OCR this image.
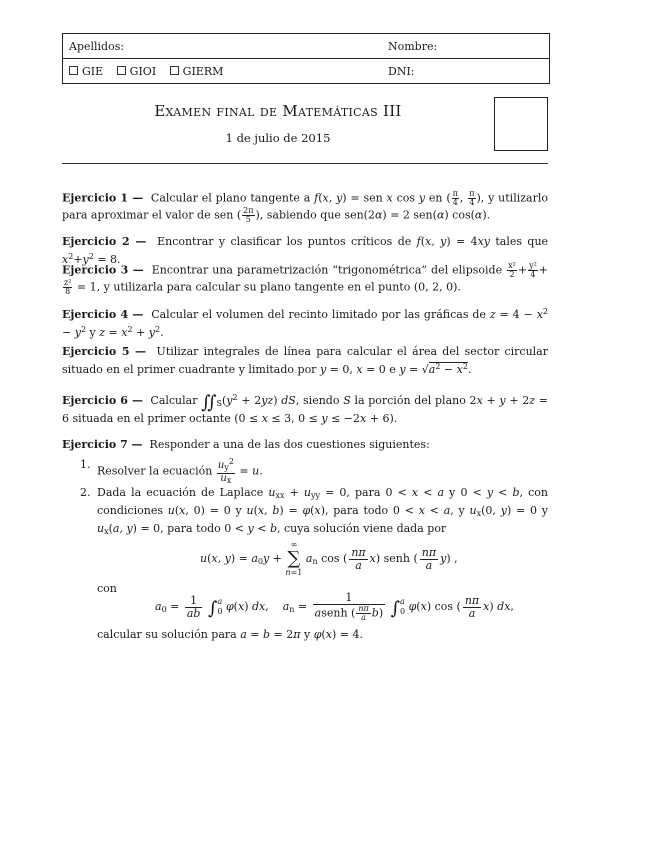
Apellidos:	Nombre:
GIE GIOI GIERM	DNI:
Examen final de Matemáticas III
1 de julio de 2015
Ejercicio 1 —  Calcular el plano tangente a f(x, y) = sen x cos y en ( $\frac{\pi}{4}$ , $\frac{\pi}{4}$ ), y utilizarlo para aproximar el valor de sen ( $\frac{2\pi}{5}$ ), sabiendo que sen(2α) = 2 sen(α) cos(α).
Ejercicio 2 —  Encontrar y clasificar los puntos críticos de f(x, y) = 4xy tales que $x^2+y^2 = 8$.
Ejercicio 3 —  Encontrar una parametrización “trigonométrica” del elipsoide $\frac{\text{x²}}{2} + \frac{\text{y²}}{4}$ +
$\frac{\text{z²}}{8} = 1$, y utilizarla para calcular su plano tangente en el punto (0, 2, 0).
Ejercicio 4 —  Calcular el volumen del recinto limitado por las gráficas de $z = 4 - x^2 - y^2$ y $z = x^2 + y^2$.
Ejercicio 5 —  Utilizar integrales de línea para calcular el área del sector circular situado en el primer cuadrante y limitado por y = 0, x = 0 e $y = √a^2 - x^2$.
Ejercicio 6 —  Calcular $∬_S(y^2 + 2yz)$ dS, siendo S la porción del plano 2x + y + 2z = 6 situada en el primer octante (0 ≤ x ≤ 3, 0 ≤ y ≤ −2x + 6).
Ejercicio 7 —  Responder a una de las dos cuestiones siguientes:
1. Resolver la ecuación $\frac{u_y^2}{u_x} = u$.
2. Dada la ecuación de Laplace $u_{xx} + u_{yy} = 0$, para 0 < x < a y 0 < y < b, con condiciones u(x, 0) = 0 y u(x, b) = φ(x), para todo 0 < x < a, y $u_x(0$, y) = 0 y $u_x(a$, y) = 0, para todo 0 < y < b, cuya solución viene dada por
u(x, $y) = a_0y$ +
∞
∑
n=1
$a_n$ cos ( $\frac{n\pi}{a} x$) senh ( $\frac{n\pi}{a} y$) ,
con
$a_0 = \frac{1}{ab}$ ∫ a
0 φ(x) dx,    $a_n$ =
1
asenh ( $\frac{n\pi}{a} b$) ∫ a
0 φ(x) cos ( $\frac{n\pi}{a} x$) dx,
calcular su solución para a = b = 2π y φ(x) = 4.
